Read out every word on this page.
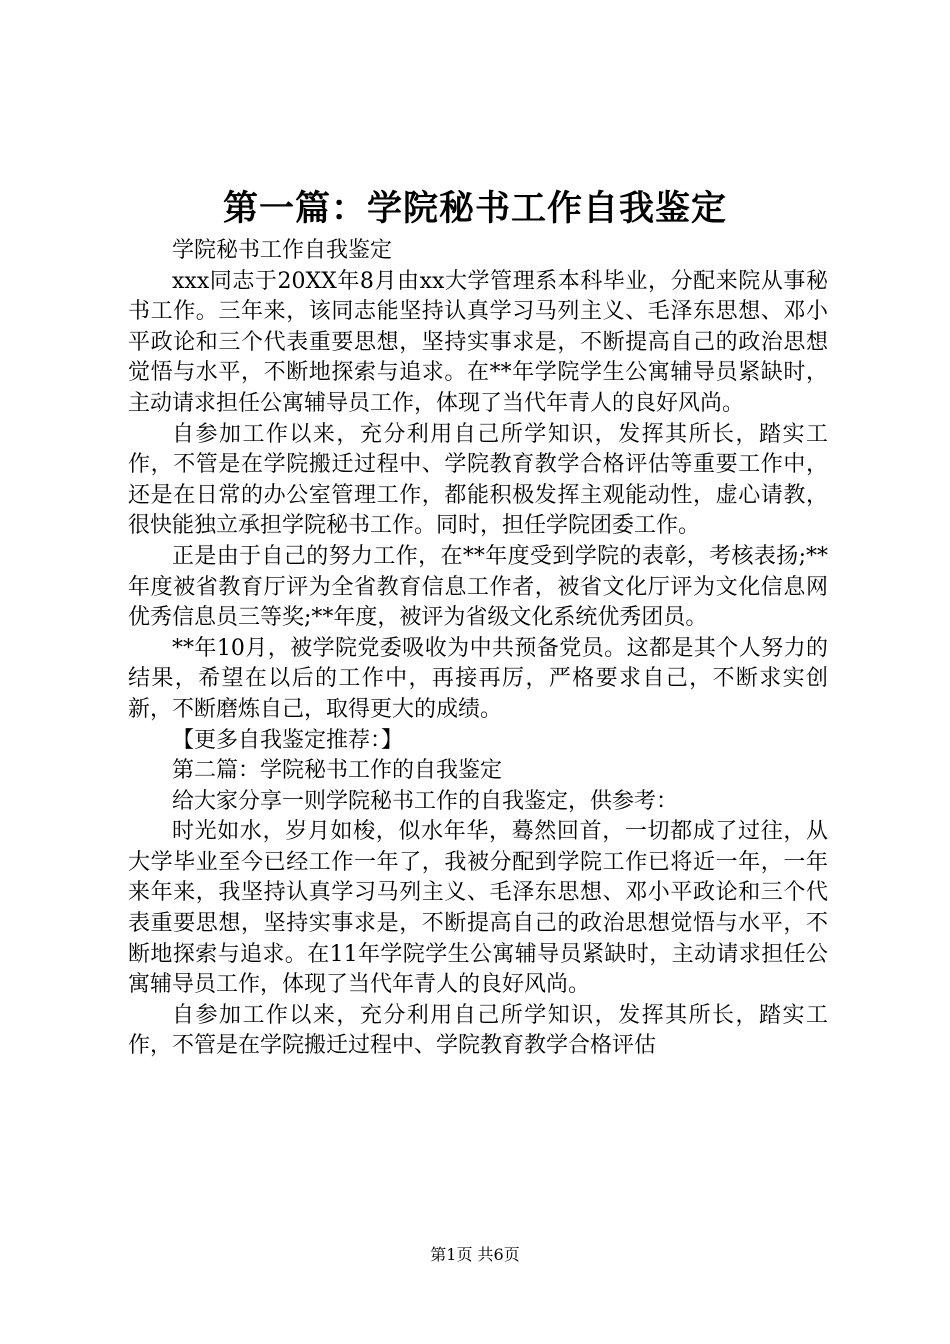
第一篇：学院秘书工作自我鉴定

学院秘书工作自我鉴定

xxx同志于20XX年8月由xx大学管理系本科毕业，分配来院从事秘书工作。三年来，该同志能坚持认真学习马列主义、毛泽东思想、邓小平政论和三个代表重要思想，坚持实事求是，不断提高自己的政治思想觉悟与水平，不断地探索与追求。在**年学院学生公寓辅导员紧缺时，主动请求担任公寓辅导员工作，体现了当代年青人的良好风尚。

自参加工作以来，充分利用自己所学知识，发挥其所长，踏实工作，不管是在学院搬迁过程中、学院教育教学合格评估等重要工作中，还是在日常的办公室管理工作，都能积极发挥主观能动性，虚心请教，很快能独立承担学院秘书工作。同时，担任学院团委工作。

正是由于自己的努力工作，在**年度受到学院的表彰，考核表扬;**年度被省教育厅评为全省教育信息工作者，被省文化厅评为文化信息网优秀信息员三等奖;**年度，被评为省级文化系统优秀团员。

**年10月，被学院党委吸收为中共预备党员。这都是其个人努力的结果，希望在以后的工作中，再接再厉，严格要求自己，不断求实创新，不断磨炼自己，取得更大的成绩。

【更多自我鉴定推荐：】

第二篇：学院秘书工作的自我鉴定

给大家分享一则学院秘书工作的自我鉴定，供参考：

时光如水，岁月如梭，似水年华，蓦然回首，一切都成了过往，从大学毕业至今已经工作一年了，我被分配到学院工作已将近一年，一年来年来，我坚持认真学习马列主义、毛泽东思想、邓小平政论和三个代表重要思想，坚持实事求是，不断提高自己的政治思想觉悟与水平，不断地探索与追求。在11年学院学生公寓辅导员紧缺时，主动请求担任公寓辅导员工作，体现了当代年青人的良好风尚。

自参加工作以来，充分利用自己所学知识，发挥其所长，踏实工作，不管是在学院搬迁过程中、学院教育教学合格评估

第1页 共6页
